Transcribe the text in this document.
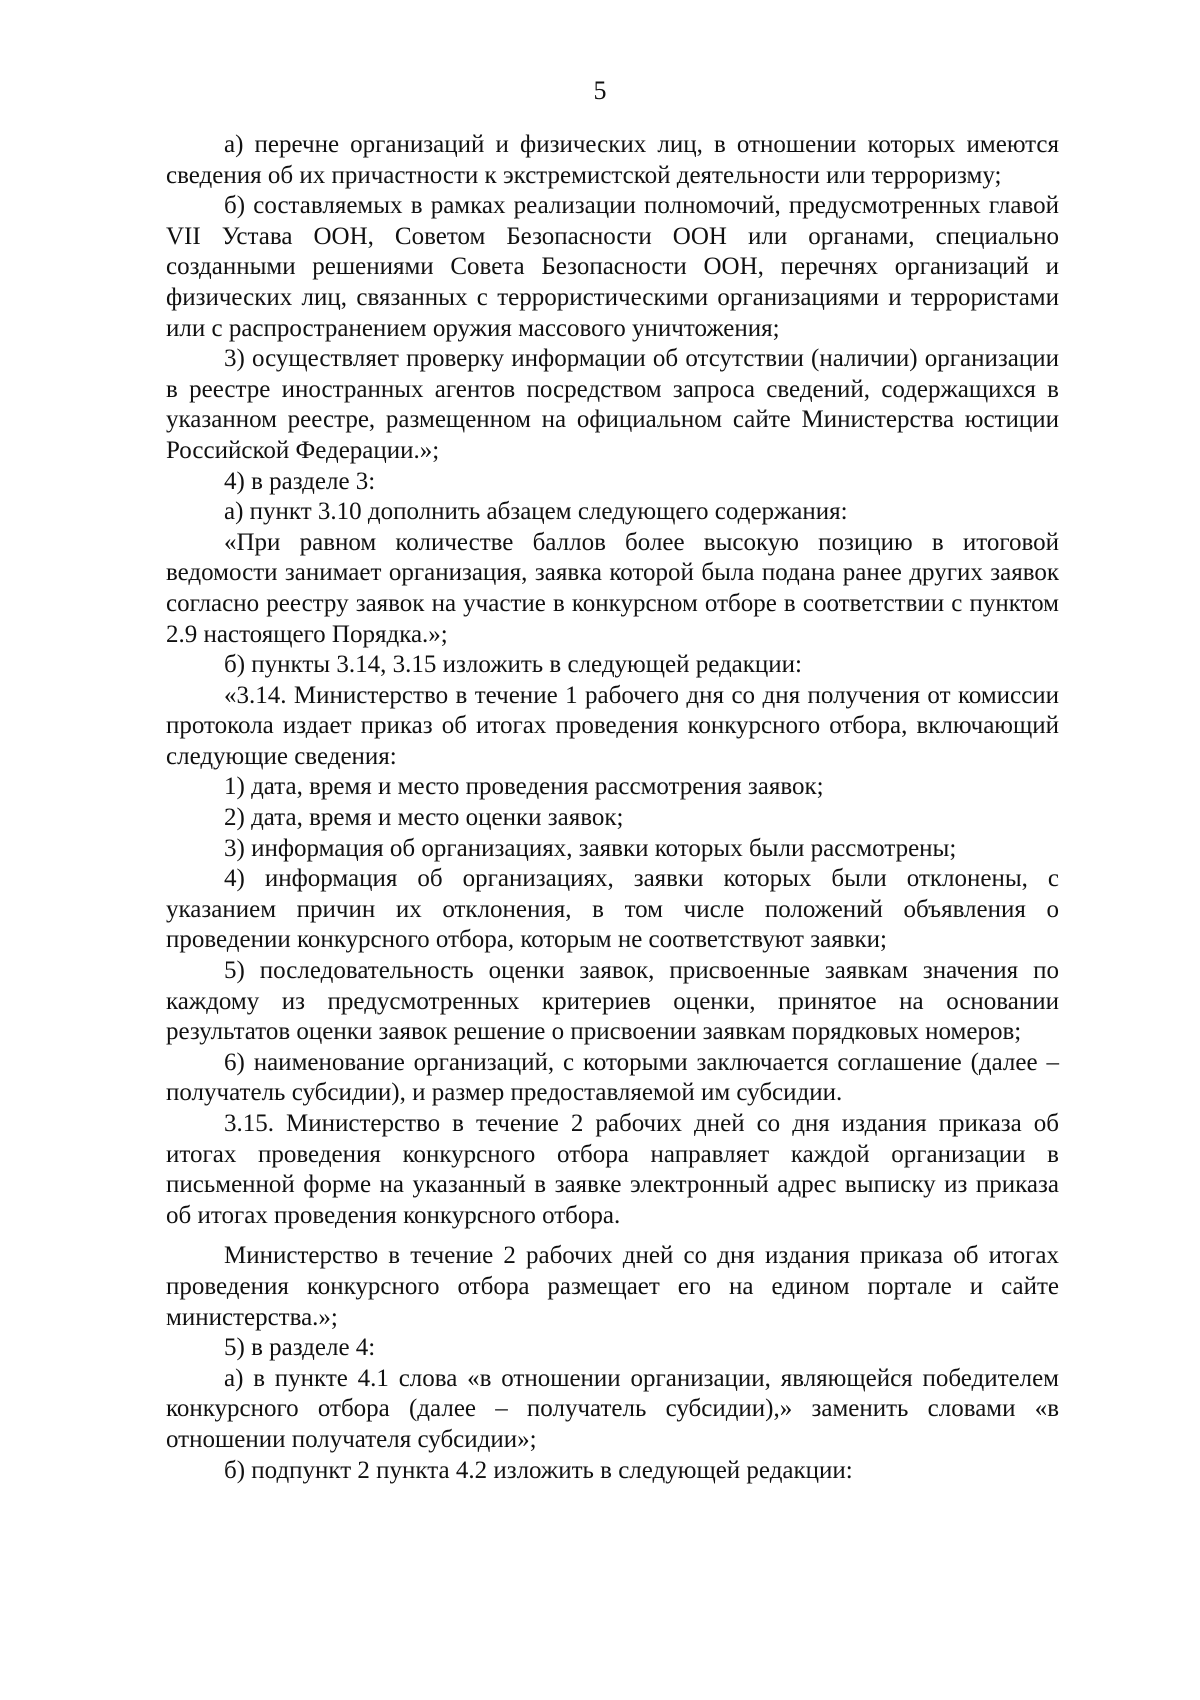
5

а) перечне организаций и физических лиц, в отношении которых имеются сведения об их причастности к экстремистской деятельности или терроризму;

б) составляемых в рамках реализации полномочий, предусмотренных главой VII Устава ООН, Советом Безопасности ООН или органами, специально созданными решениями Совета Безопасности ООН, перечнях организаций и физических лиц, связанных с террористическими организациями и террористами или с распространением оружия массового уничтожения;

3) осуществляет проверку информации об отсутствии (наличии) организации в реестре иностранных агентов посредством запроса сведений, содержащихся в указанном реестре, размещенном на официальном сайте Министерства юстиции Российской Федерации.»;

4) в разделе 3:

а) пункт 3.10 дополнить абзацем следующего содержания:

«При равном количестве баллов более высокую позицию в итоговой ведомости занимает организация, заявка которой была подана ранее других заявок согласно реестру заявок на участие в конкурсном отборе в соответствии с пунктом 2.9 настоящего Порядка.»;

б) пункты 3.14, 3.15 изложить в следующей редакции:

«3.14. Министерство в течение 1 рабочего дня со дня получения от комиссии протокола издает приказ об итогах проведения конкурсного отбора, включающий следующие сведения:

1) дата, время и место проведения рассмотрения заявок;

2) дата, время и место оценки заявок;

3) информация об организациях, заявки которых были рассмотрены;

4) информация об организациях, заявки которых были отклонены, с указанием причин их отклонения, в том числе положений объявления о проведении конкурсного отбора, которым не соответствуют заявки;

5) последовательность оценки заявок, присвоенные заявкам значения по каждому из предусмотренных критериев оценки, принятое на основании результатов оценки заявок решение о присвоении заявкам порядковых номеров;

6) наименование организаций, с которыми заключается соглашение (далее – получатель субсидии), и размер предоставляемой им субсидии.

3.15. Министерство в течение 2 рабочих дней со дня издания приказа об итогах проведения конкурсного отбора направляет каждой организации в письменной форме на указанный в заявке электронный адрес выписку из приказа об итогах проведения конкурсного отбора.

Министерство в течение 2 рабочих дней со дня издания приказа об итогах проведения конкурсного отбора размещает его на едином портале и сайте министерства.»;

5) в разделе 4:

а) в пункте 4.1 слова «в отношении организации, являющейся победителем конкурсного отбора (далее – получатель субсидии),» заменить словами «в отношении получателя субсидии»;

б) подпункт 2 пункта 4.2 изложить в следующей редакции:
